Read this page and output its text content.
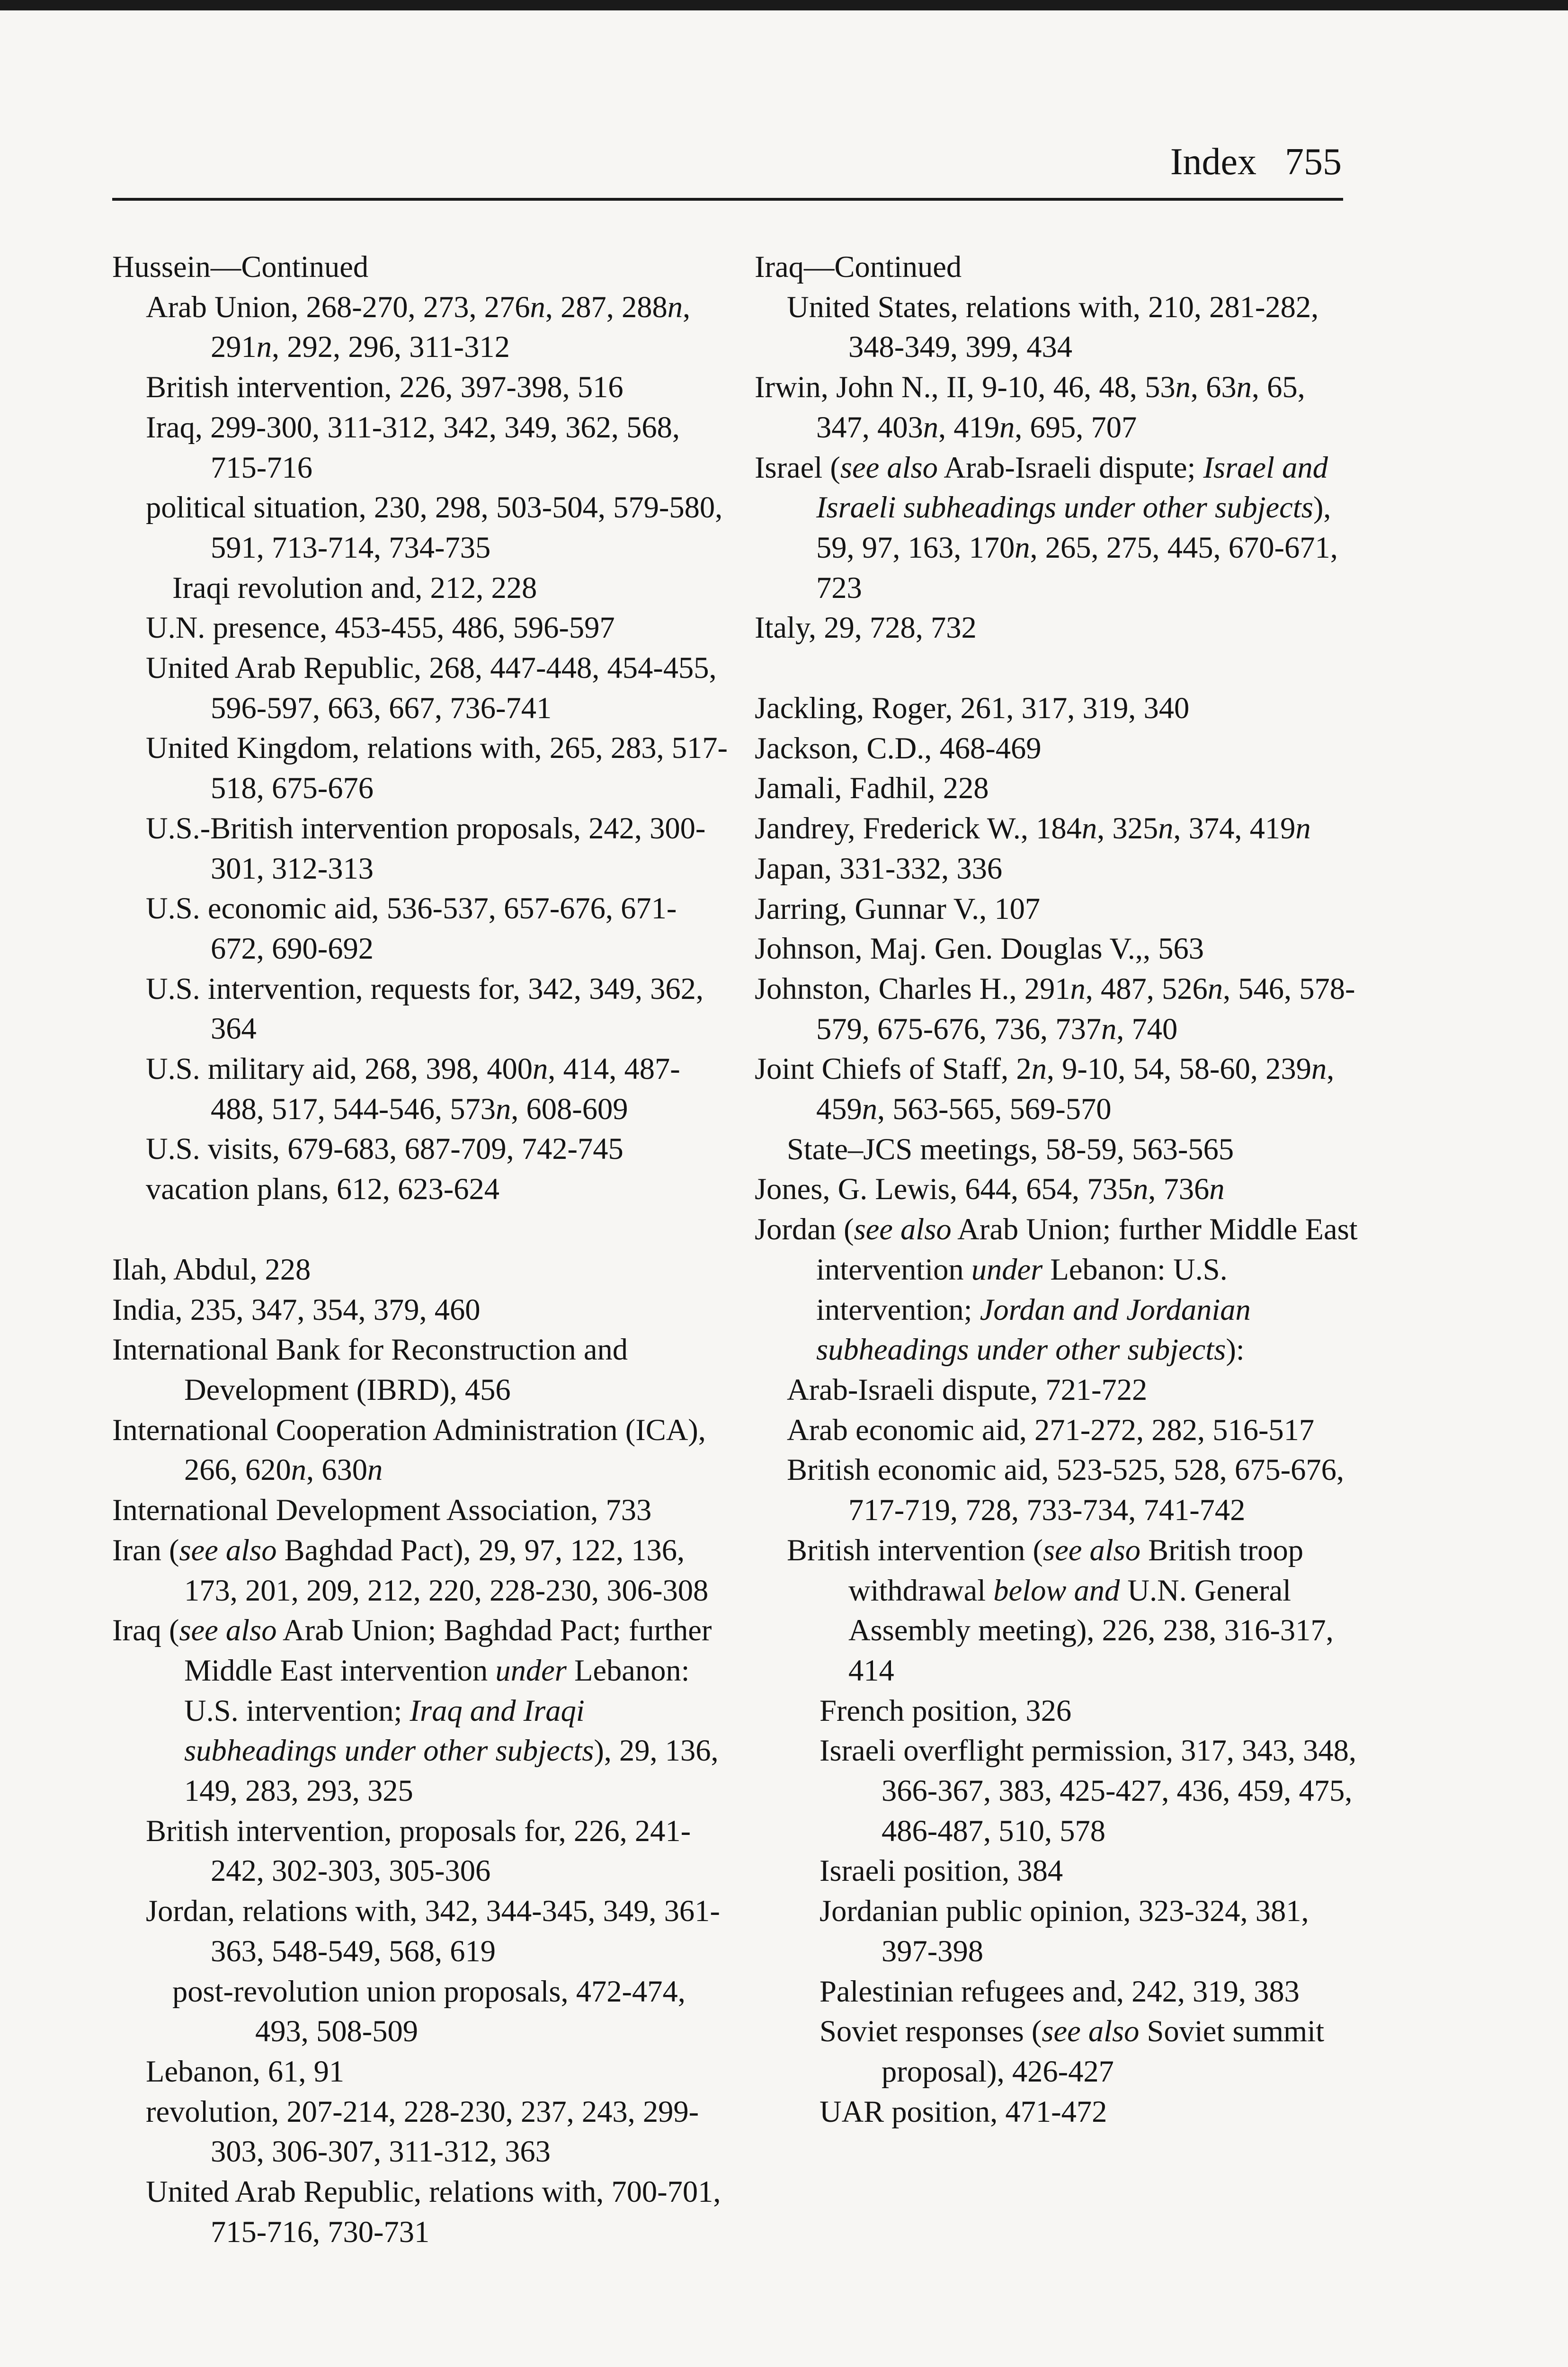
Index 755
Hussein—Continued
Arab Union, 268-270, 273, 276n, 287, 288n, 291n, 292, 296, 311-312
British intervention, 226, 397-398, 516
Iraq, 299-300, 311-312, 342, 349, 362, 568, 715-716
political situation, 230, 298, 503-504, 579-580, 591, 713-714, 734-735
Iraqi revolution and, 212, 228
U.N. presence, 453-455, 486, 596-597
United Arab Republic, 268, 447-448, 454-455, 596-597, 663, 667, 736-741
United Kingdom, relations with, 265, 283, 517-518, 675-676
U.S.-British intervention proposals, 242, 300-301, 312-313
U.S. economic aid, 536-537, 657-676, 671-672, 690-692
U.S. intervention, requests for, 342, 349, 362, 364
U.S. military aid, 268, 398, 400n, 414, 487-488, 517, 544-546, 573n, 608-609
U.S. visits, 679-683, 687-709, 742-745
vacation plans, 612, 623-624
Ilah, Abdul, 228
India, 235, 347, 354, 379, 460
International Bank for Reconstruction and Development (IBRD), 456
International Cooperation Administration (ICA), 266, 620n, 630n
International Development Association, 733
Iran (see also Baghdad Pact), 29, 97, 122, 136, 173, 201, 209, 212, 220, 228-230, 306-308
Iraq (see also Arab Union; Baghdad Pact; further Middle East intervention under Lebanon: U.S. intervention; Iraq and Iraqi subheadings under other subjects), 29, 136, 149, 283, 293, 325
British intervention, proposals for, 226, 241-242, 302-303, 305-306
Jordan, relations with, 342, 344-345, 349, 361-363, 548-549, 568, 619
post-revolution union proposals, 472-474, 493, 508-509
Lebanon, 61, 91
revolution, 207-214, 228-230, 237, 243, 299-303, 306-307, 311-312, 363
United Arab Republic, relations with, 700-701, 715-716, 730-731
Iraq—Continued
United States, relations with, 210, 281-282, 348-349, 399, 434
Irwin, John N., II, 9-10, 46, 48, 53n, 63n, 65, 347, 403n, 419n, 695, 707
Israel (see also Arab-Israeli dispute; Israel and Israeli subheadings under other subjects), 59, 97, 163, 170n, 265, 275, 445, 670-671, 723
Italy, 29, 728, 732
Jackling, Roger, 261, 317, 319, 340
Jackson, C.D., 468-469
Jamali, Fadhil, 228
Jandrey, Frederick W., 184n, 325n, 374, 419n
Japan, 331-332, 336
Jarring, Gunnar V., 107
Johnson, Maj. Gen. Douglas V.,, 563
Johnston, Charles H., 291n, 487, 526n, 546, 578-579, 675-676, 736, 737n, 740
Joint Chiefs of Staff, 2n, 9-10, 54, 58-60, 239n, 459n, 563-565, 569-570
State–JCS meetings, 58-59, 563-565
Jones, G. Lewis, 644, 654, 735n, 736n
Jordan (see also Arab Union; further Middle East intervention under Lebanon: U.S. intervention; Jordan and Jordanian subheadings under other subjects):
Arab-Israeli dispute, 721-722
Arab economic aid, 271-272, 282, 516-517
British economic aid, 523-525, 528, 675-676, 717-719, 728, 733-734, 741-742
British intervention (see also British troop withdrawal below and U.N. General Assembly meeting), 226, 238, 316-317, 414
French position, 326
Israeli overflight permission, 317, 343, 348, 366-367, 383, 425-427, 436, 459, 475, 486-487, 510, 578
Israeli position, 384
Jordanian public opinion, 323-324, 381, 397-398
Palestinian refugees and, 242, 319, 383
Soviet responses (see also Soviet summit proposal), 426-427
UAR position, 471-472
